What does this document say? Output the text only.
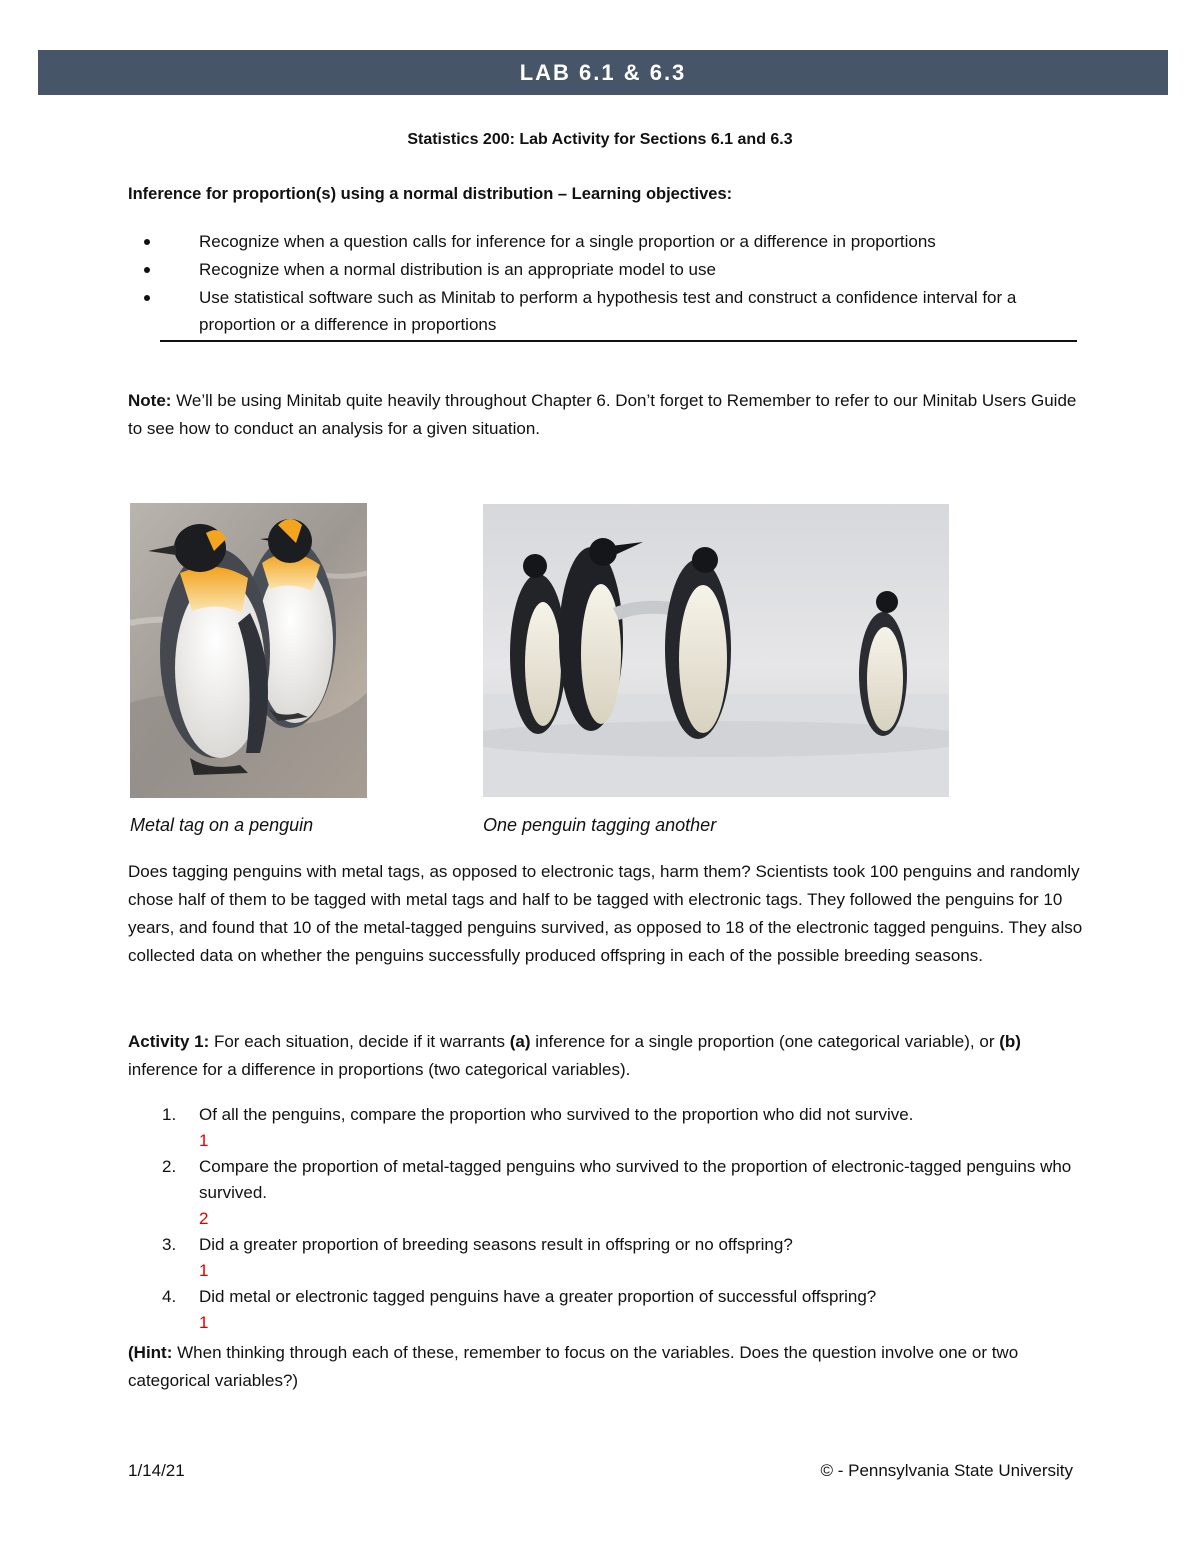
LAB 6.1 & 6.3
Statistics 200: Lab Activity for Sections 6.1 and 6.3
Inference for proportion(s) using a normal distribution – Learning objectives:
Recognize when a question calls for inference for a single proportion or a difference in proportions
Recognize when a normal distribution is an appropriate model to use
Use statistical software such as Minitab to perform a hypothesis test and construct a confidence interval for a proportion or a difference in proportions
Note: We’ll be using Minitab quite heavily throughout Chapter 6. Don’t forget to Remember to refer to our Minitab Users Guide to see how to conduct an analysis for a given situation.
Metal tag on a penguin	One penguin tagging another
Does tagging penguins with metal tags, as opposed to electronic tags, harm them? Scientists took 100 penguins and randomly chose half of them to be tagged with metal tags and half to be tagged with electronic tags. They followed the penguins for 10 years, and found that 10 of the metal-tagged penguins survived, as opposed to 18 of the electronic tagged penguins. They also collected data on whether the penguins successfully produced offspring in each of the possible breeding seasons.
Activity 1: For each situation, decide if it warrants (a) inference for a single proportion (one categorical variable), or (b) inference for a difference in proportions (two categorical variables).
1. Of all the penguins, compare the proportion who survived to the proportion who did not survive.
1
2. Compare the proportion of metal-tagged penguins who survived to the proportion of electronic-tagged penguins who survived.
2
3. Did a greater proportion of breeding seasons result in offspring or no offspring?
1
4. Did metal or electronic tagged penguins have a greater proportion of successful offspring?
1
(Hint: When thinking through each of these, remember to focus on the variables. Does the question involve one or two categorical variables?)
1/14/21	© - Pennsylvania State University
